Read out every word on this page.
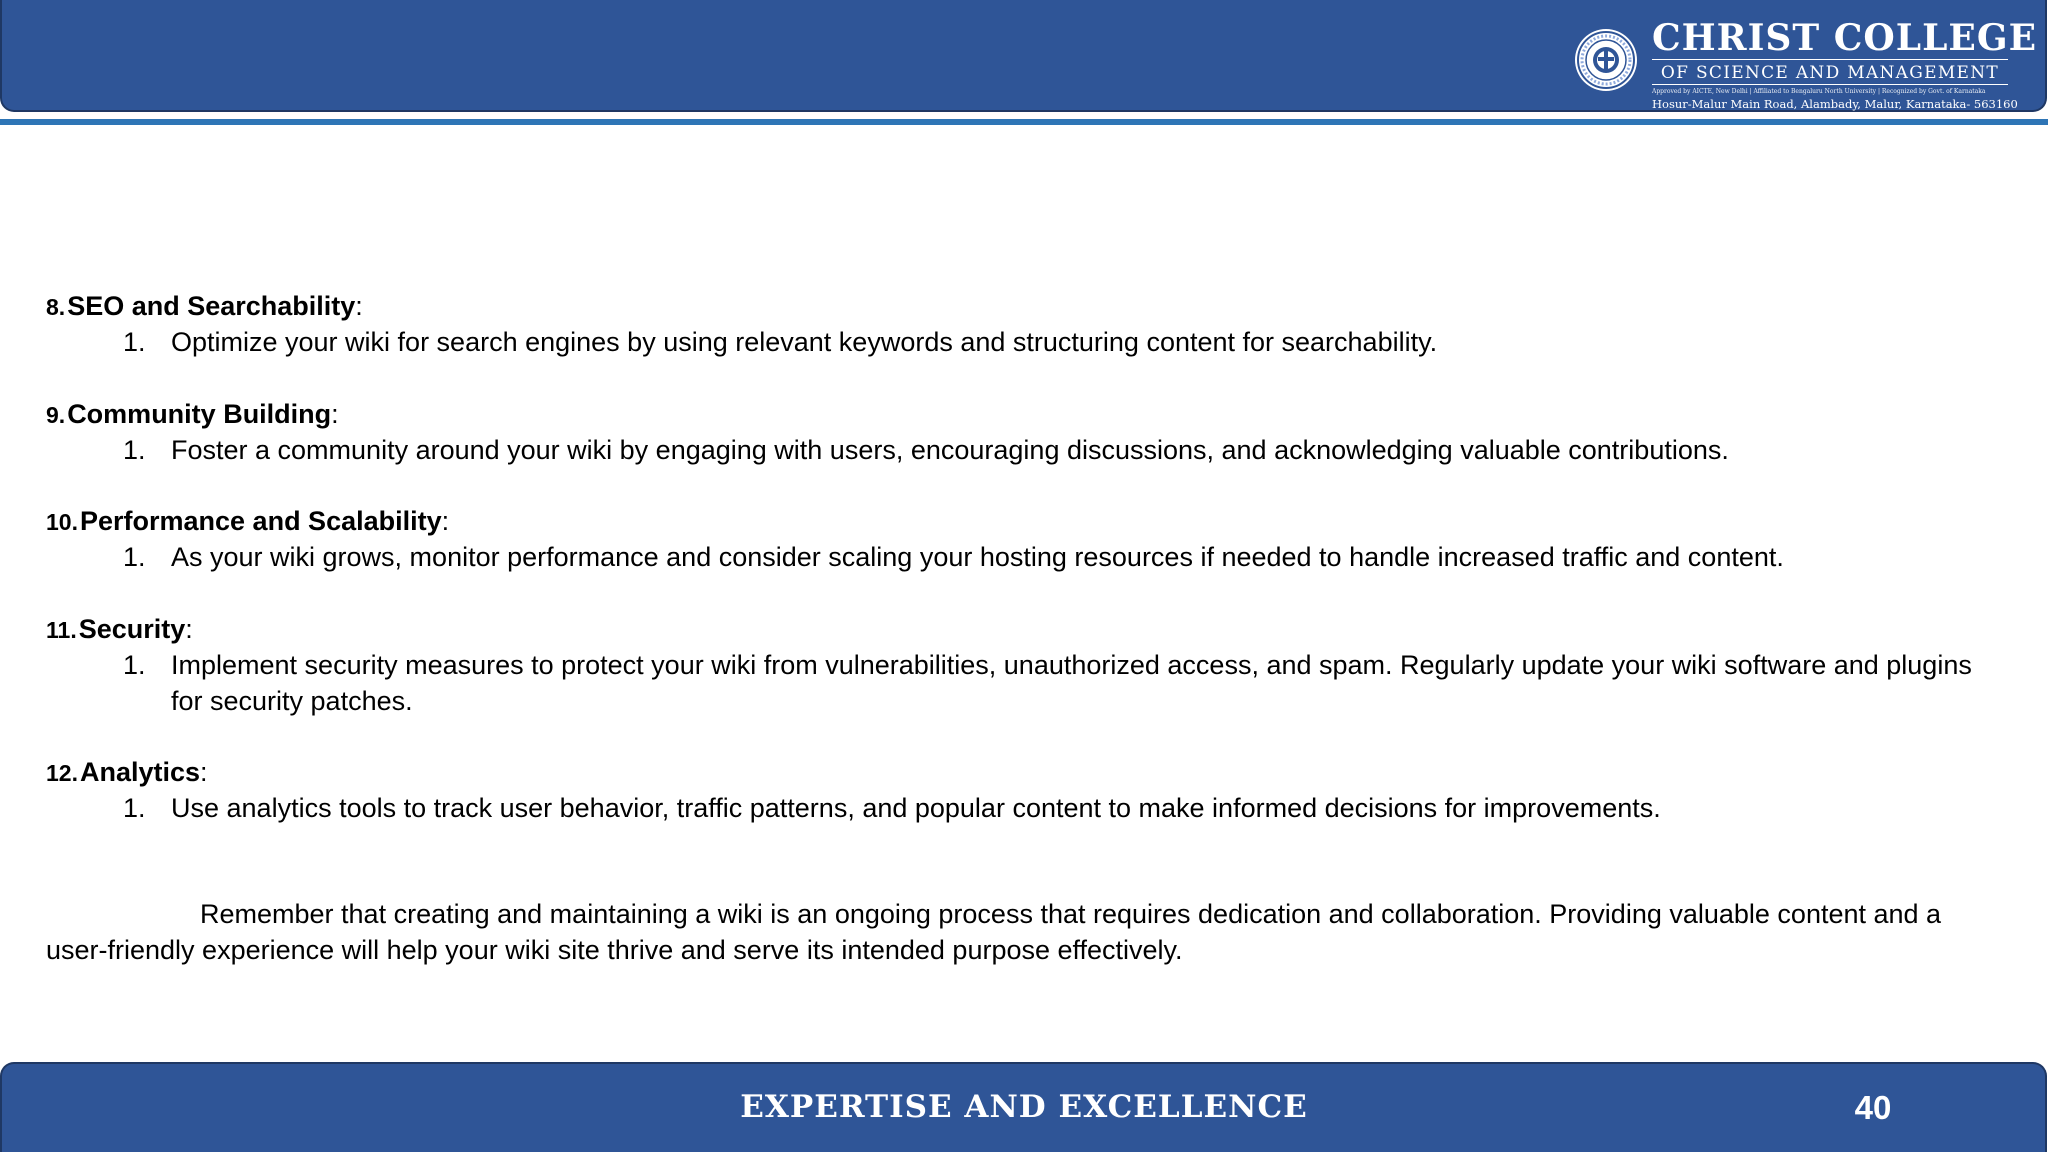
CHRIST COLLEGE
OF SCIENCE AND MANAGEMENT
Approved by AICTE, New Delhi | Affiliated to Bengaluru North University | Recognized by Govt. of Karnataka
Hosur-Malur Main Road, Alambady, Malur, Karnataka- 563160
8.SEO and Searchability:
1. Optimize your wiki for search engines by using relevant keywords and structuring content for searchability.
9.Community Building:
1. Foster a community around your wiki by engaging with users, encouraging discussions, and acknowledging valuable contributions.
10.Performance and Scalability:
1. As your wiki grows, monitor performance and consider scaling your hosting resources if needed to handle increased traffic and content.
11.Security:
1. Implement security measures to protect your wiki from vulnerabilities, unauthorized access, and spam. Regularly update your wiki software and plugins for security patches.
12.Analytics:
1. Use analytics tools to track user behavior, traffic patterns, and popular content to make informed decisions for improvements.
Remember that creating and maintaining a wiki is an ongoing process that requires dedication and collaboration. Providing valuable content and a user-friendly experience will help your wiki site thrive and serve its intended purpose effectively.
EXPERTISE AND EXCELLENCE	40
